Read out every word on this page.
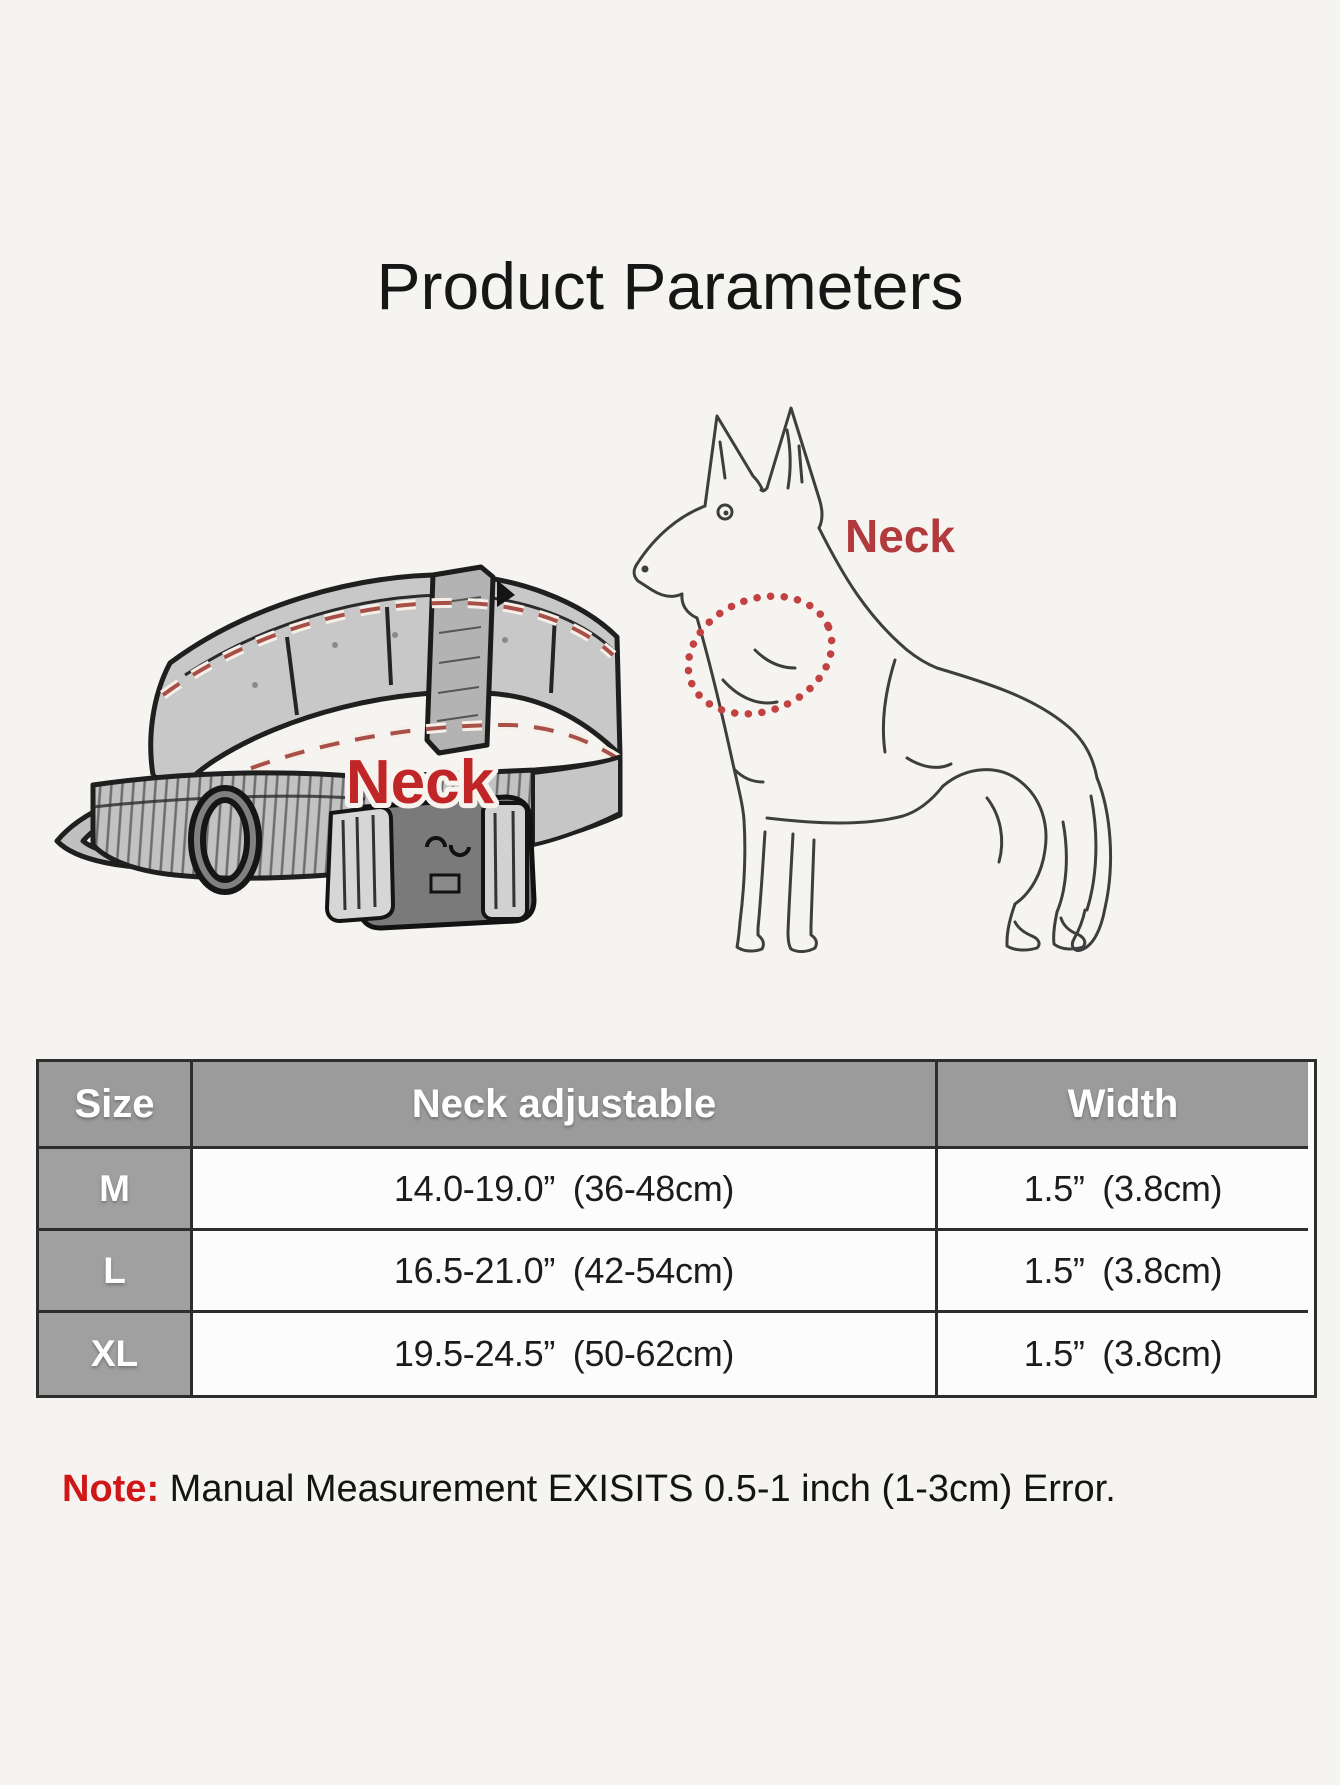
Product Parameters
Neck
Neck
Size	Neck adjustable	Width
M	14.0-19.0” (36-48cm)	1.5” (3.8cm)
L	16.5-21.0” (42-54cm)	1.5” (3.8cm)
XL	19.5-24.5” (50-62cm)	1.5” (3.8cm)

Note: Manual Measurement EXISITS 0.5-1 inch (1-3cm) Error.
